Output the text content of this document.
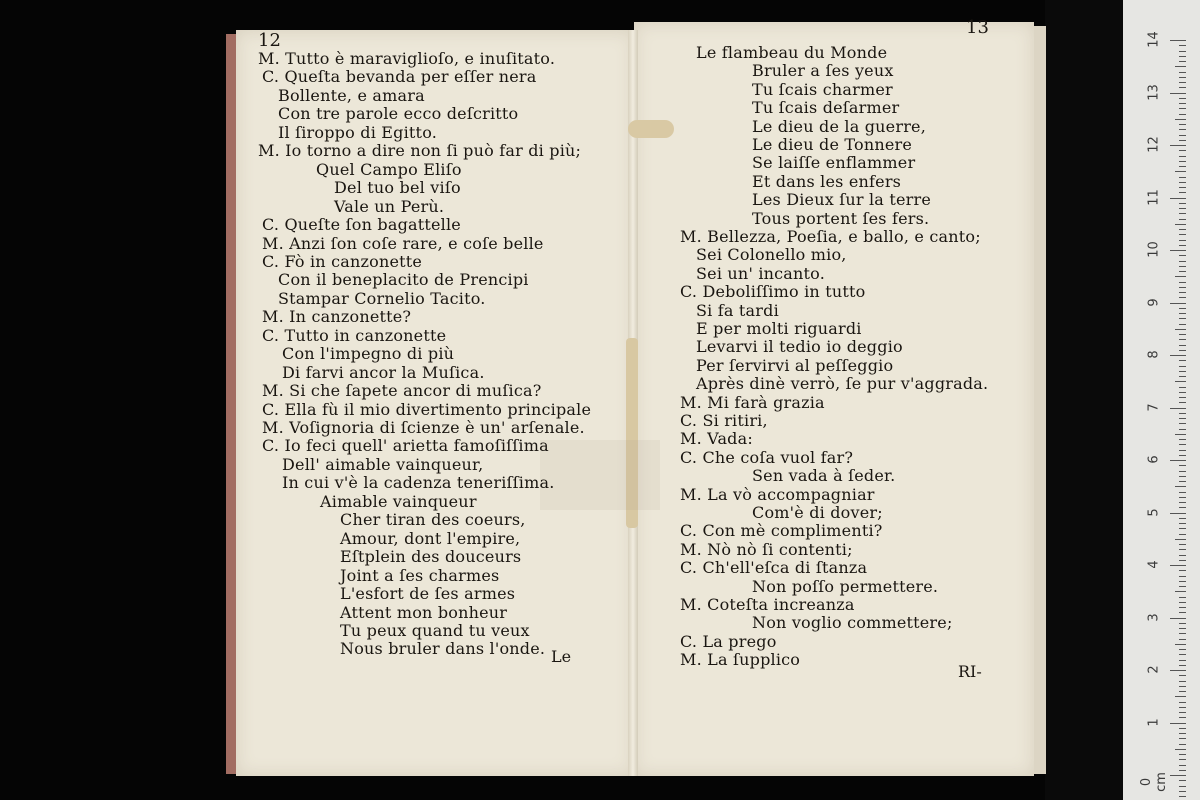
12
13
M. Tutto è maraviglioſo, e inuſitato.
C. Queſta bevanda per eſſer nera
Bollente, e amara
Con tre parole ecco deſcritto
Il ſiroppo di Egitto.
M. Io torno a dire non ſi può far di più;
Quel Campo Eliſo
Del tuo bel viſo
Vale un Perù.
C. Queſte ſon bagattelle
M. Anzi ſon coſe rare, e coſe belle
C. Fò in canzonette
Con il beneplacito de Prencipi
Stampar Cornelio Tacito.
M. In canzonette?
C. Tutto in canzonette
Con l'impegno di più
Di farvi ancor la Muſica.
M. Si che ſapete ancor di muſica?
C. Ella fù il mio divertimento principale
M. Voſignoria di ſcienze è un' arſenale.
C. Io feci quell' arietta famoſiſſima
Dell' aimable vainqueur,
In cui v'è la cadenza teneriſſima.
Aimable vainqueur
Cher tiran des coeurs,
Amour, dont l'empire,
Eſtplein des douceurs
Joint a ſes charmes
L'esfort de ſes armes
Attent mon bonheur
Tu peux quand tu veux
Nous bruler dans l'onde.
Le flambeau du Monde
Bruler a ſes yeux
Tu ſcais charmer
Tu ſcais deſarmer
Le dieu de la guerre,
Le dieu de Tonnere
Se laiſſe enflammer
Et dans les enfers
Les Dieux ſur la terre
Tous portent ſes fers.
M. Bellezza, Poeſia, e ballo, e canto;
Sei Colonello mio,
Sei un' incanto.
C. Deboliſſimo in tutto
Si fa tardi
E per molti riguardi
Levarvi il tedio io deggio
Per ſervirvi al peſſeggio
Après dinè verrò, ſe pur v'aggrada.
M. Mi farà grazia
C. Si ritiri,
M. Vada:
C. Che coſa vuol far?
Sen vada à ſeder.
M. La vò accompagniar
Com'è di dover;
C. Con mè complimenti?
M. Nò nò ſi contenti;
C. Ch'ell'eſca di ſtanza
Non poſſo permettere.
M. Coteſta increanza
Non voglio commettere;
C. La prego
M. La ſupplico
Le
RI-
14
13
12
11
10
9
8
7
6
5
4
3
2
1
0 cm
